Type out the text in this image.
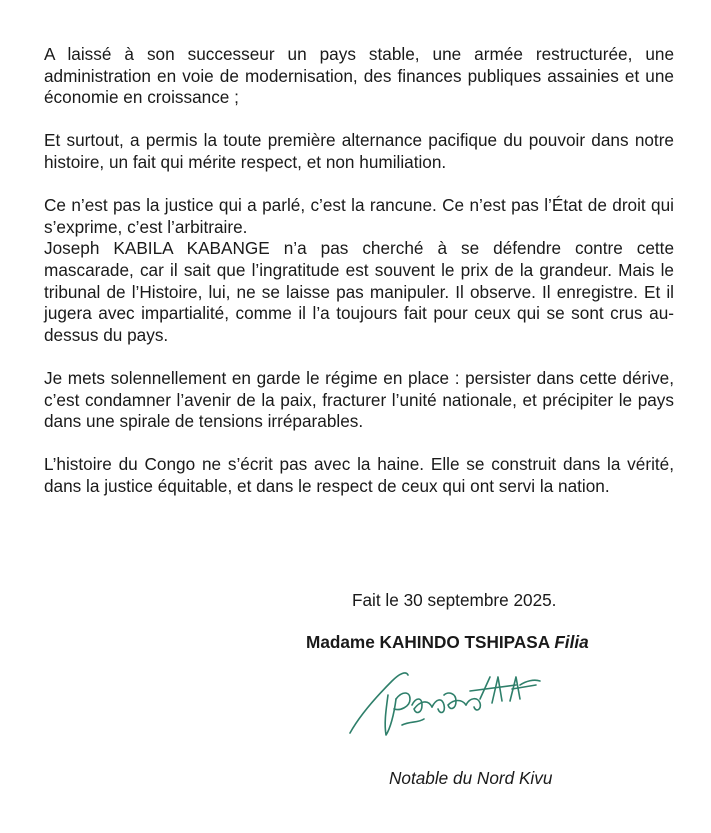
A laissé à son successeur un pays stable, une armée restructurée, une administration en voie de modernisation, des finances publiques assainies et une économie en croissance ;

Et surtout, a permis la toute première alternance pacifique du pouvoir dans notre histoire, un fait qui mérite respect, et non humiliation.

Ce n’est pas la justice qui a parlé, c’est la rancune. Ce n’est pas l’État de droit qui s’exprime, c’est l’arbitraire.

Joseph KABILA KABANGE n’a pas cherché à se défendre contre cette mascarade, car il sait que l’ingratitude est souvent le prix de la grandeur. Mais le tribunal de l’Histoire, lui, ne se laisse pas manipuler. Il observe. Il enregistre. Et il jugera avec impartialité, comme il l’a toujours fait pour ceux qui se sont crus au-dessus du pays.

Je mets solennellement en garde le régime en place : persister dans cette dérive, c’est condamner l’avenir de la paix, fracturer l’unité nationale, et précipiter le pays dans une spirale de tensions irréparables.

L’histoire du Congo ne s’écrit pas avec la haine. Elle se construit dans la vérité, dans la justice équitable, et dans le respect de ceux qui ont servi la nation.

Fait le 30 septembre 2025.
Madame KAHINDO TSHIPASA Filia
Notable du Nord Kivu
